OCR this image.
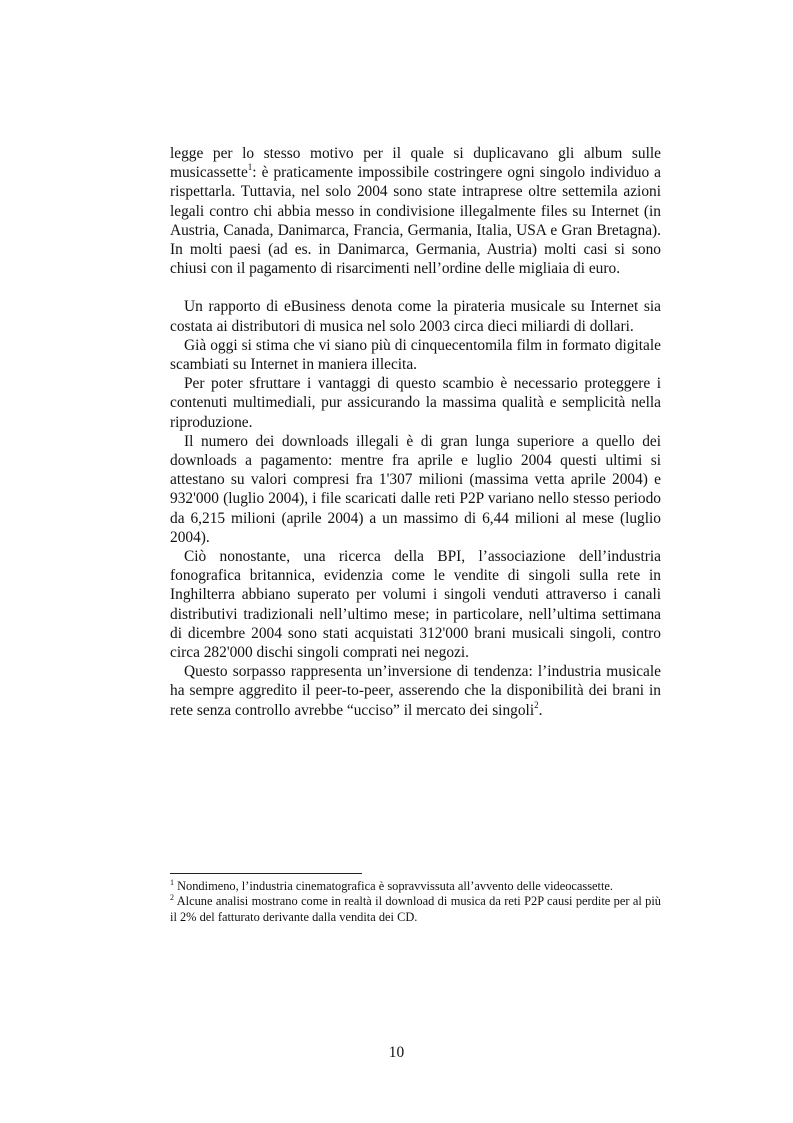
legge per lo stesso motivo per il quale si duplicavano gli album sulle musicassette$^1$: è praticamente impossibile costringere ogni singolo individuo a rispettarla. Tuttavia, nel solo 2004 sono state intraprese oltre settemila azioni legali contro chi abbia messo in condivisione illegalmente files su Internet (in Austria, Canada, Danimarca, Francia, Germania, Italia, USA e Gran Bretagna). In molti paesi (ad es. in Danimarca, Germania, Austria) molti casi si sono chiusi con il pagamento di risarcimenti nell’ordine delle migliaia di euro.

Un rapporto di eBusiness denota come la pirateria musicale su Internet sia costata ai distributori di musica nel solo 2003 circa dieci miliardi di dollari.

Già oggi si stima che vi siano più di cinquecentomila film in formato digitale scambiati su Internet in maniera illecita.

Per poter sfruttare i vantaggi di questo scambio è necessario proteggere i contenuti multimediali, pur assicurando la massima qualità e semplicità nella riproduzione.

Il numero dei downloads illegali è di gran lunga superiore a quello dei downloads a pagamento: mentre fra aprile e luglio 2004 questi ultimi si attestano su valori compresi fra 1'307 milioni (massima vetta aprile 2004) e 932'000 (luglio 2004), i file scaricati dalle reti P2P variano nello stesso periodo da 6,215 milioni (aprile 2004) a un massimo di 6,44 milioni al mese (luglio 2004).

Ciò nonostante, una ricerca della BPI, l’associazione dell’industria fonografica britannica, evidenzia come le vendite di singoli sulla rete in Inghilterra abbiano superato per volumi i singoli venduti attraverso i canali distributivi tradizionali nell’ultimo mese; in particolare, nell’ultima settimana di dicembre 2004 sono stati acquistati 312'000 brani musicali singoli, contro circa 282'000 dischi singoli comprati nei negozi.

Questo sorpasso rappresenta un’inversione di tendenza: l’industria musicale ha sempre aggredito il peer-to-peer, asserendo che la disponibilità dei brani in rete senza controllo avrebbe “ucciso” il mercato dei singoli$^2$.

$^1$ Nondimeno, l’industria cinematografica è sopravvissuta all’avvento delle videocassette.

$^2$ Alcune analisi mostrano come in realtà il download di musica da reti P2P causi perdite per al più il 2% del fatturato derivante dalla vendita dei CD.

10
